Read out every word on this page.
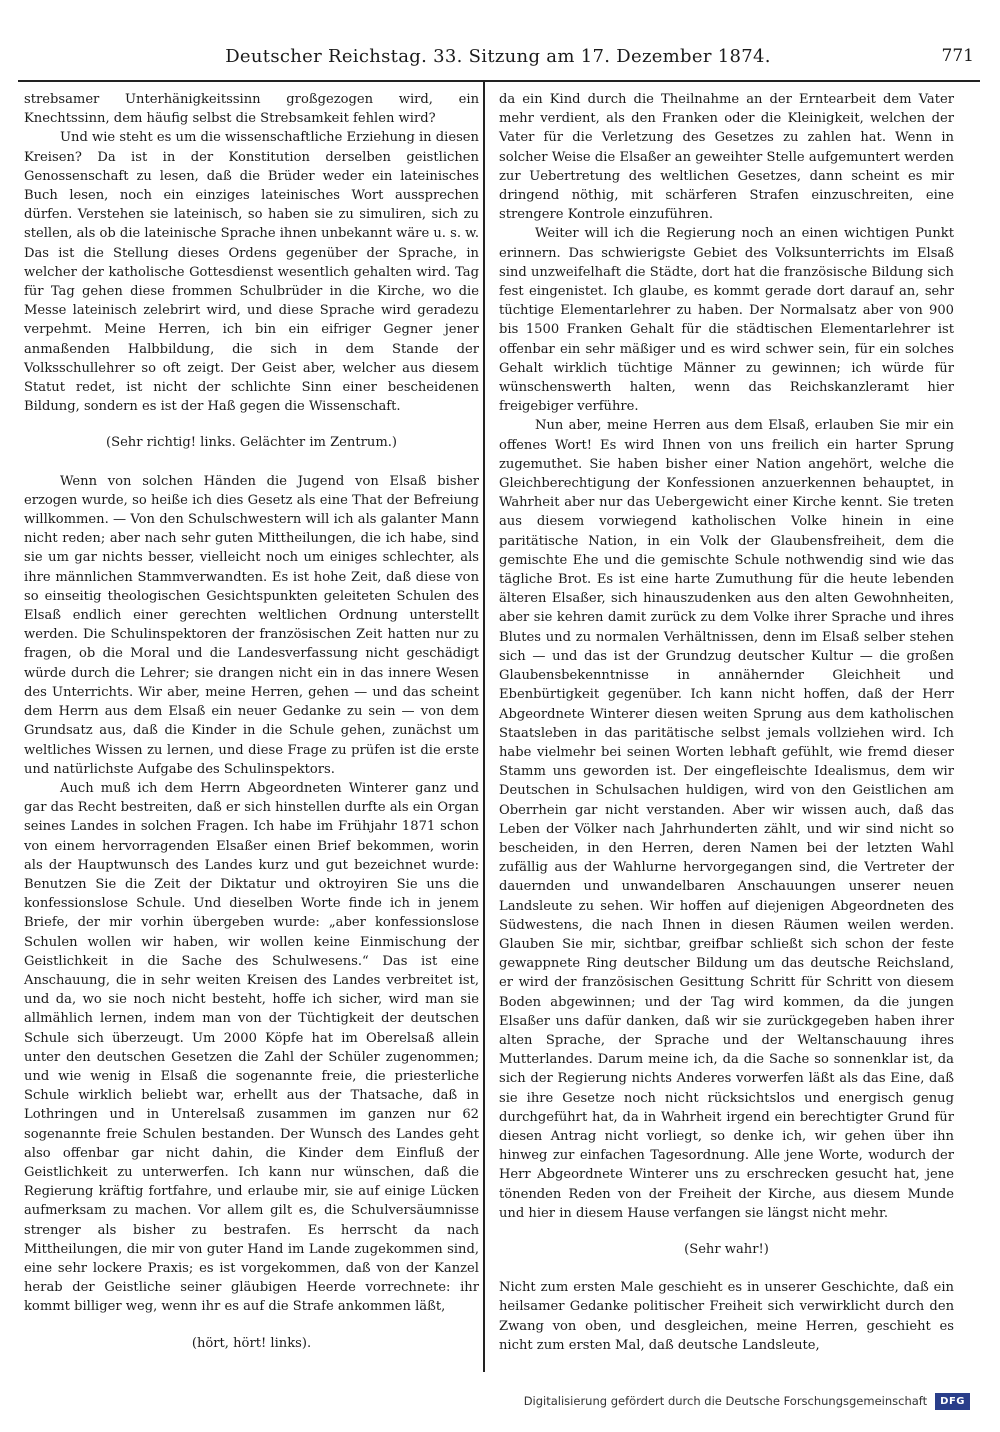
Deutscher Reichstag. 33. Sitzung am 17. Dezember 1874.	771

strebsamer Unterhänigkeitssinn großgezogen wird, ein Knechtssinn, dem häufig selbst die Strebsamkeit fehlen wird?

Und wie steht es um die wissenschaftliche Erziehung in diesen Kreisen? Da ist in der Konstitution derselben geistlichen Genossenschaft zu lesen, daß die Brüder weder ein lateinisches Buch lesen, noch ein einziges lateinisches Wort aussprechen dürfen. Verstehen sie lateinisch, so haben sie zu simuliren, sich zu stellen, als ob die lateinische Sprache ihnen unbekannt wäre u. s. w. Das ist die Stellung dieses Ordens gegenüber der Sprache, in welcher der katholische Gottesdienst wesentlich gehalten wird. Tag für Tag gehen diese frommen Schulbrüder in die Kirche, wo die Messe lateinisch zelebrirt wird, und diese Sprache wird geradezu verpehmt. Meine Herren, ich bin ein eifriger Gegner jener anmaßenden Halbbildung, die sich in dem Stande der Volksschullehrer so oft zeigt. Der Geist aber, welcher aus diesem Statut redet, ist nicht der schlichte Sinn einer bescheidenen Bildung, sondern es ist der Haß gegen die Wissenschaft.

(Sehr richtig! links. Gelächter im Zentrum.)

Wenn von solchen Händen die Jugend von Elsaß bisher erzogen wurde, so heiße ich dies Gesetz als eine That der Befreiung willkommen. — Von den Schulschwestern will ich als galanter Mann nicht reden; aber nach sehr guten Mittheilungen, die ich habe, sind sie um gar nichts besser, vielleicht noch um einiges schlechter, als ihre männlichen Stammverwandten. Es ist hohe Zeit, daß diese von so einseitig theologischen Gesichtspunkten geleiteten Schulen des Elsaß endlich einer gerechten weltlichen Ordnung unterstellt werden. Die Schulinspektoren der französischen Zeit hatten nur zu fragen, ob die Moral und die Landesverfassung nicht geschädigt würde durch die Lehrer; sie drangen nicht ein in das innere Wesen des Unterrichts. Wir aber, meine Herren, gehen — und das scheint dem Herrn aus dem Elsaß ein neuer Gedanke zu sein — von dem Grundsatz aus, daß die Kinder in die Schule gehen, zunächst um weltliches Wissen zu lernen, und diese Frage zu prüfen ist die erste und natürlichste Aufgabe des Schulinspektors.

Auch muß ich dem Herrn Abgeordneten Winterer ganz und gar das Recht bestreiten, daß er sich hinstellen durfte als ein Organ seines Landes in solchen Fragen. Ich habe im Frühjahr 1871 schon von einem hervorragenden Elsaßer einen Brief bekommen, worin als der Hauptwunsch des Landes kurz und gut bezeichnet wurde: Benutzen Sie die Zeit der Diktatur und oktroyiren Sie uns die konfessionslose Schule. Und dieselben Worte finde ich in jenem Briefe, der mir vorhin übergeben wurde: „aber konfessionslose Schulen wollen wir haben, wir wollen keine Einmischung der Geistlichkeit in die Sache des Schulwesens.“ Das ist eine Anschauung, die in sehr weiten Kreisen des Landes verbreitet ist, und da, wo sie noch nicht besteht, hoffe ich sicher, wird man sie allmählich lernen, indem man von der Tüchtigkeit der deutschen Schule sich überzeugt. Um 2000 Köpfe hat im Oberelsaß allein unter den deutschen Gesetzen die Zahl der Schüler zugenommen; und wie wenig in Elsaß die sogenannte freie, die priesterliche Schule wirklich beliebt war, erhellt aus der Thatsache, daß in Lothringen und in Unterelsaß zusammen im ganzen nur 62 sogenannte freie Schulen bestanden. Der Wunsch des Landes geht also offenbar gar nicht dahin, die Kinder dem Einfluß der Geistlichkeit zu unterwerfen. Ich kann nur wünschen, daß die Regierung kräftig fortfahre, und erlaube mir, sie auf einige Lücken aufmerksam zu machen. Vor allem gilt es, die Schulversäumnisse strenger als bisher zu bestrafen. Es herrscht da nach Mittheilungen, die mir von guter Hand im Lande zugekommen sind, eine sehr lockere Praxis; es ist vorgekommen, daß von der Kanzel herab der Geistliche seiner gläubigen Heerde vorrechnete: ihr kommt billiger weg, wenn ihr es auf die Strafe ankommen läßt,

(hört, hört! links).

da ein Kind durch die Theilnahme an der Erntearbeit dem Vater mehr verdient, als den Franken oder die Kleinigkeit, welchen der Vater für die Verletzung des Gesetzes zu zahlen hat. Wenn in solcher Weise die Elsaßer an geweihter Stelle aufgemuntert werden zur Uebertretung des weltlichen Gesetzes, dann scheint es mir dringend nöthig, mit schärferen Strafen einzuschreiten, eine strengere Kontrole einzuführen.

Weiter will ich die Regierung noch an einen wichtigen Punkt erinnern. Das schwierigste Gebiet des Volksunterrichts im Elsaß sind unzweifelhaft die Städte, dort hat die französische Bildung sich fest eingenistet. Ich glaube, es kommt gerade dort darauf an, sehr tüchtige Elementarlehrer zu haben. Der Normalsatz aber von 900 bis 1500 Franken Gehalt für die städtischen Elementarlehrer ist offenbar ein sehr mäßiger und es wird schwer sein, für ein solches Gehalt wirklich tüchtige Männer zu gewinnen; ich würde für wünschenswerth halten, wenn das Reichskanzleramt hier freigebiger verführe.

Nun aber, meine Herren aus dem Elsaß, erlauben Sie mir ein offenes Wort! Es wird Ihnen von uns freilich ein harter Sprung zugemuthet. Sie haben bisher einer Nation angehört, welche die Gleichberechtigung der Konfessionen anzuerkennen behauptet, in Wahrheit aber nur das Uebergewicht einer Kirche kennt. Sie treten aus diesem vorwiegend katholischen Volke hinein in eine paritätische Nation, in ein Volk der Glaubensfreiheit, dem die gemischte Ehe und die gemischte Schule nothwendig sind wie das tägliche Brot. Es ist eine harte Zumuthung für die heute lebenden älteren Elsaßer, sich hinauszudenken aus den alten Gewohnheiten, aber sie kehren damit zurück zu dem Volke ihrer Sprache und ihres Blutes und zu normalen Verhältnissen, denn im Elsaß selber stehen sich — und das ist der Grundzug deutscher Kultur — die großen Glaubensbekenntnisse in annähernder Gleichheit und Ebenbürtigkeit gegenüber. Ich kann nicht hoffen, daß der Herr Abgeordnete Winterer diesen weiten Sprung aus dem katholischen Staatsleben in das paritätische selbst jemals vollziehen wird. Ich habe vielmehr bei seinen Worten lebhaft gefühlt, wie fremd dieser Stamm uns geworden ist. Der eingefleischte Idealismus, dem wir Deutschen in Schulsachen huldigen, wird von den Geistlichen am Oberrhein gar nicht verstanden. Aber wir wissen auch, daß das Leben der Völker nach Jahrhunderten zählt, und wir sind nicht so bescheiden, in den Herren, deren Namen bei der letzten Wahl zufällig aus der Wahlurne hervorgegangen sind, die Vertreter der dauernden und unwandelbaren Anschauungen unserer neuen Landsleute zu sehen. Wir hoffen auf diejenigen Abgeordneten des Südwestens, die nach Ihnen in diesen Räumen weilen werden. Glauben Sie mir, sichtbar, greifbar schließt sich schon der feste gewappnete Ring deutscher Bildung um das deutsche Reichsland, er wird der französischen Gesittung Schritt für Schritt von diesem Boden abgewinnen; und der Tag wird kommen, da die jungen Elsaßer uns dafür danken, daß wir sie zurückgegeben haben ihrer alten Sprache, der Sprache und der Weltanschauung ihres Mutterlandes. Darum meine ich, da die Sache so sonnenklar ist, da sich der Regierung nichts Anderes vorwerfen läßt als das Eine, daß sie ihre Gesetze noch nicht rücksichtslos und energisch genug durchgeführt hat, da in Wahrheit irgend ein berechtigter Grund für diesen Antrag nicht vorliegt, so denke ich, wir gehen über ihn hinweg zur einfachen Tagesordnung. Alle jene Worte, wodurch der Herr Abgeordnete Winterer uns zu erschrecken gesucht hat, jene tönenden Reden von der Freiheit der Kirche, aus diesem Munde und hier in diesem Hause verfangen sie längst nicht mehr.

(Sehr wahr!)

Nicht zum ersten Male geschieht es in unserer Geschichte, daß ein heilsamer Gedanke politischer Freiheit sich verwirklicht durch den Zwang von oben, und desgleichen, meine Herren, geschieht es nicht zum ersten Mal, daß deutsche Landsleute,

Digitalisierung gefördert durch die Deutsche Forschungsgemeinschaft	DFG
